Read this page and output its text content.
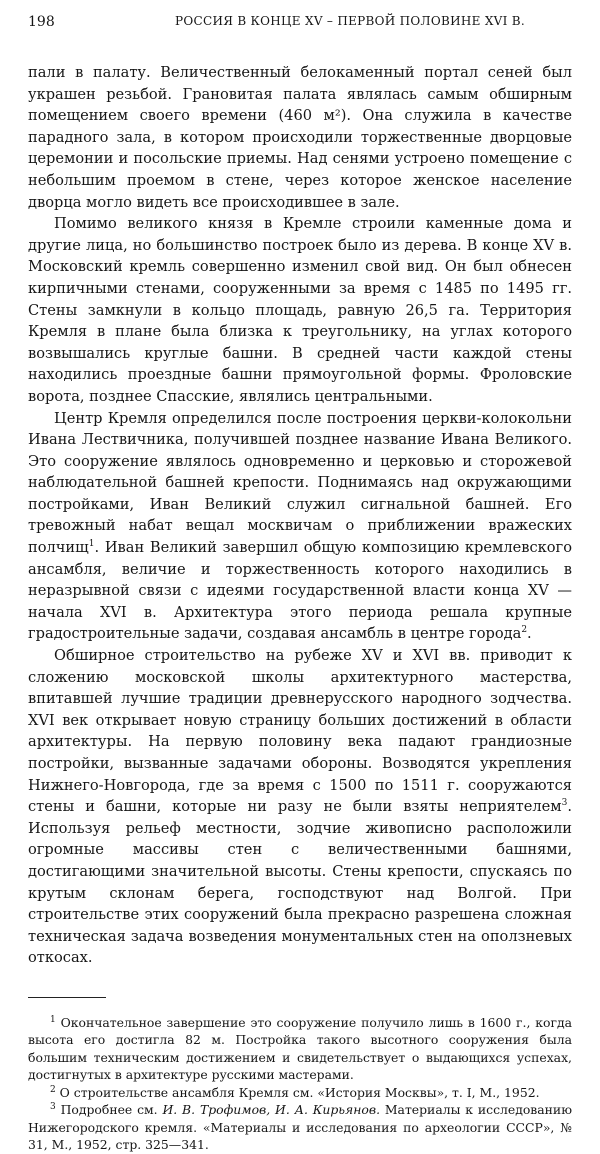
198	РОССИЯ В КОНЦЕ XV – ПЕРВОЙ ПОЛОВИНЕ XVI В.

пали в палату. Величественный белокаменный портал сеней был украшен резьбой. Грановитая палата являлась самым обширным помещением своего времени (460 м²). Она служила в качестве парадного зала, в котором происходили торжественные дворцовые церемонии и посольские приемы. Над сенями устроено помещение с небольшим проемом в стене, через которое женское население дворца могло видеть все происходившее в зале.

Помимо великого князя в Кремле строили каменные дома и другие лица, но большинство построек было из дерева. В конце XV в. Московский кремль совершенно изменил свой вид. Он был обнесен кирпичными стенами, сооруженными за время с 1485 по 1495 гг. Стены замкнули в кольцо площадь, равную 26,5 га. Территория Кремля в плане была близка к треугольнику, на углах которого возвышались круглые башни. В средней части каждой стены находились проездные башни прямоугольной формы. Фроловские ворота, позднее Спасские, являлись центральными.

Центр Кремля определился после построения церкви-колокольни Ивана Лествичника, получившей позднее название Ивана Великого. Это сооружение являлось одновременно и церковью и сторожевой наблюдательной башней крепости. Поднимаясь над окружающими постройками, Иван Великий служил сигнальной башней. Его тревожный набат вещал москвичам о приближении вражеских полчищ$^1$. Иван Великий завершил общую композицию кремлевского ансамбля, величие и торжественность которого находились в неразрывной связи с идеями государственной власти конца XV — начала XVI в. Архитектура этого периода решала крупные градостроительные задачи, создавая ансамбль в центре города$^2$.

Обширное строительство на рубеже XV и XVI вв. приводит к сложению московской школы архитектурного мастерства, впитавшей лучшие традиции древнерусского народного зодчества. XVI век открывает новую страницу больших достижений в области архитектуры. На первую половину века падают грандиозные постройки, вызванные задачами обороны. Возводятся укрепления Нижнего-Новгорода, где за время с 1500 по 1511 г. сооружаются стены и башни, которые ни разу не были взяты неприятелем$^3$. Используя рельеф местности, зодчие живописно расположили огромные массивы стен с величественными башнями, достигающими значительной высоты. Стены крепости, спускаясь по крутым склонам берега, господствуют над Волгой. При строительстве этих сооружений была прекрасно разрешена сложная техническая задача возведения монументальных стен на оползневых откосах.

$^1$ Окончательное завершение это сооружение получило лишь в 1600 г., когда высота его достигла 82 м. Постройка такого высотного сооружения была большим техническим достижением и свидетельствует о выдающихся успехах, достигнутых в архитектуре русскими мастерами.

$^2$ О строительстве ансамбля Кремля см. «История Москвы», т. I, М., 1952.

$^3$ Подробнее см. И. В. Трофимов, И. А. Кирьянов. Материалы к исследованию Нижегородского кремля. «Материалы и исследования по археологии СССР», № 31, М., 1952, стр. 325—341.
